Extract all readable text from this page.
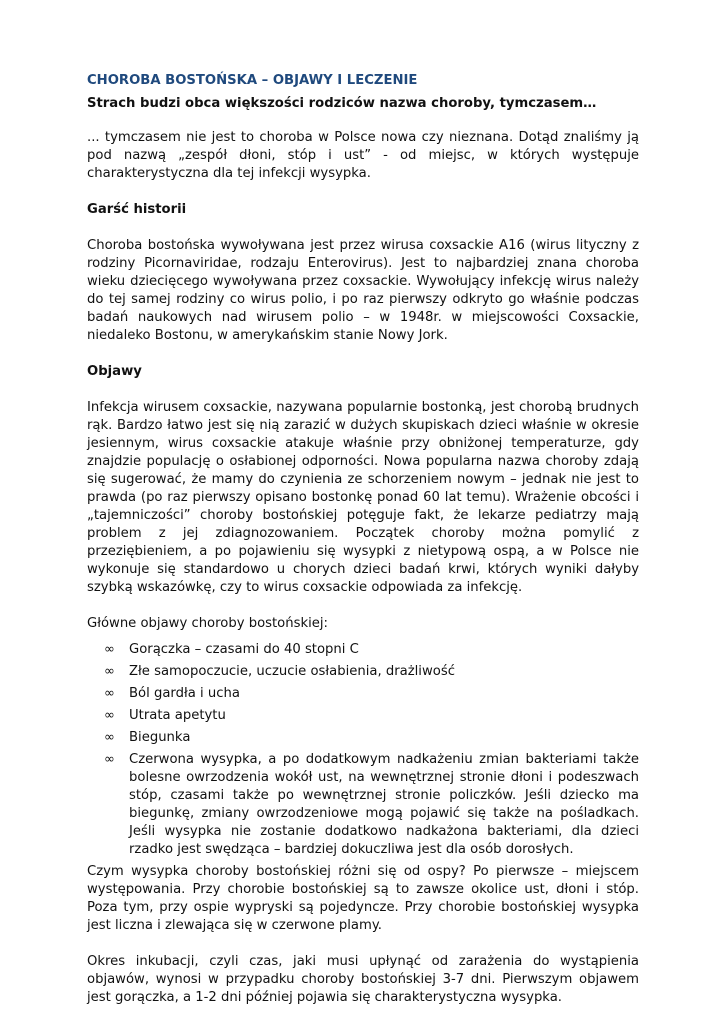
CHOROBA BOSTOŃSKA – OBJAWY I LECZENIE
Strach budzi obca większości rodziców nazwa choroby, tymczasem…

... tymczasem nie jest to choroba w Polsce nowa czy nieznana. Dotąd znaliśmy ją pod nazwą „zespół dłoni, stóp i ust” - od miejsc, w których występuje charakterystyczna dla tej infekcji wysypka.

Garść historii

Choroba bostońska wywoływana jest przez wirusa coxsackie A16 (wirus lityczny z rodziny Picornaviridae, rodzaju Enterovirus). Jest to najbardziej znana choroba wieku dziecięcego wywoływana przez coxsackie. Wywołujący infekcję wirus należy do tej samej rodziny co wirus polio, i po raz pierwszy odkryto go właśnie podczas badań naukowych nad wirusem polio – w 1948r. w miejscowości Coxsackie, niedaleko Bostonu, w amerykańskim stanie Nowy Jork.

Objawy

Infekcja wirusem coxsackie, nazywana popularnie bostonką, jest chorobą brudnych rąk. Bardzo łatwo jest się nią zarazić w dużych skupiskach dzieci właśnie w okresie jesiennym, wirus coxsackie atakuje właśnie przy obniżonej temperaturze, gdy znajdzie populację o osłabionej odporności. Nowa popularna nazwa choroby zdają się sugerować, że mamy do czynienia ze schorzeniem nowym – jednak nie jest to prawda (po raz pierwszy opisano bostonkę ponad 60 lat temu). Wrażenie obcości i „tajemniczości” choroby bostońskiej potęguje fakt, że lekarze pediatrzy mają problem z jej zdiagnozowaniem. Początek choroby można pomylić z przeziębieniem, a po pojawieniu się wysypki z nietypową ospą, a w Polsce nie wykonuje się standardowo u chorych dzieci badań krwi, których wyniki dałyby szybką wskazówkę, czy to wirus coxsackie odpowiada za infekcję.

Główne objawy choroby bostońskiej:

∞ Gorączka – czasami do 40 stopni C
∞ Złe samopoczucie, uczucie osłabienia, drażliwość
∞ Ból gardła i ucha
∞ Utrata apetytu
∞ Biegunka
∞ Czerwona wysypka, a po dodatkowym nadkażeniu zmian bakteriami także bolesne owrzodzenia wokół ust, na wewnętrznej stronie dłoni i podeszwach stóp, czasami także po wewnętrznej stronie policzków. Jeśli dziecko ma biegunkę, zmiany owrzodzeniowe mogą pojawić się także na pośladkach. Jeśli wysypka nie zostanie dodatkowo nadkażona bakteriami, dla dzieci rzadko jest swędząca – bardziej dokuczliwa jest dla osób dorosłych.

Czym wysypka choroby bostońskiej różni się od ospy? Po pierwsze – miejscem występowania. Przy chorobie bostońskiej są to zawsze okolice ust, dłoni i stóp. Poza tym, przy ospie wypryski są pojedyncze. Przy chorobie bostońskiej wysypka jest liczna i zlewająca się w czerwone plamy.

Okres inkubacji, czyli czas, jaki musi upłynąć od zarażenia do wystąpienia objawów, wynosi w przypadku choroby bostońskiej 3-7 dni. Pierwszym objawem jest gorączka, a 1-2 dni później pojawia się charakterystyczna wysypka.
